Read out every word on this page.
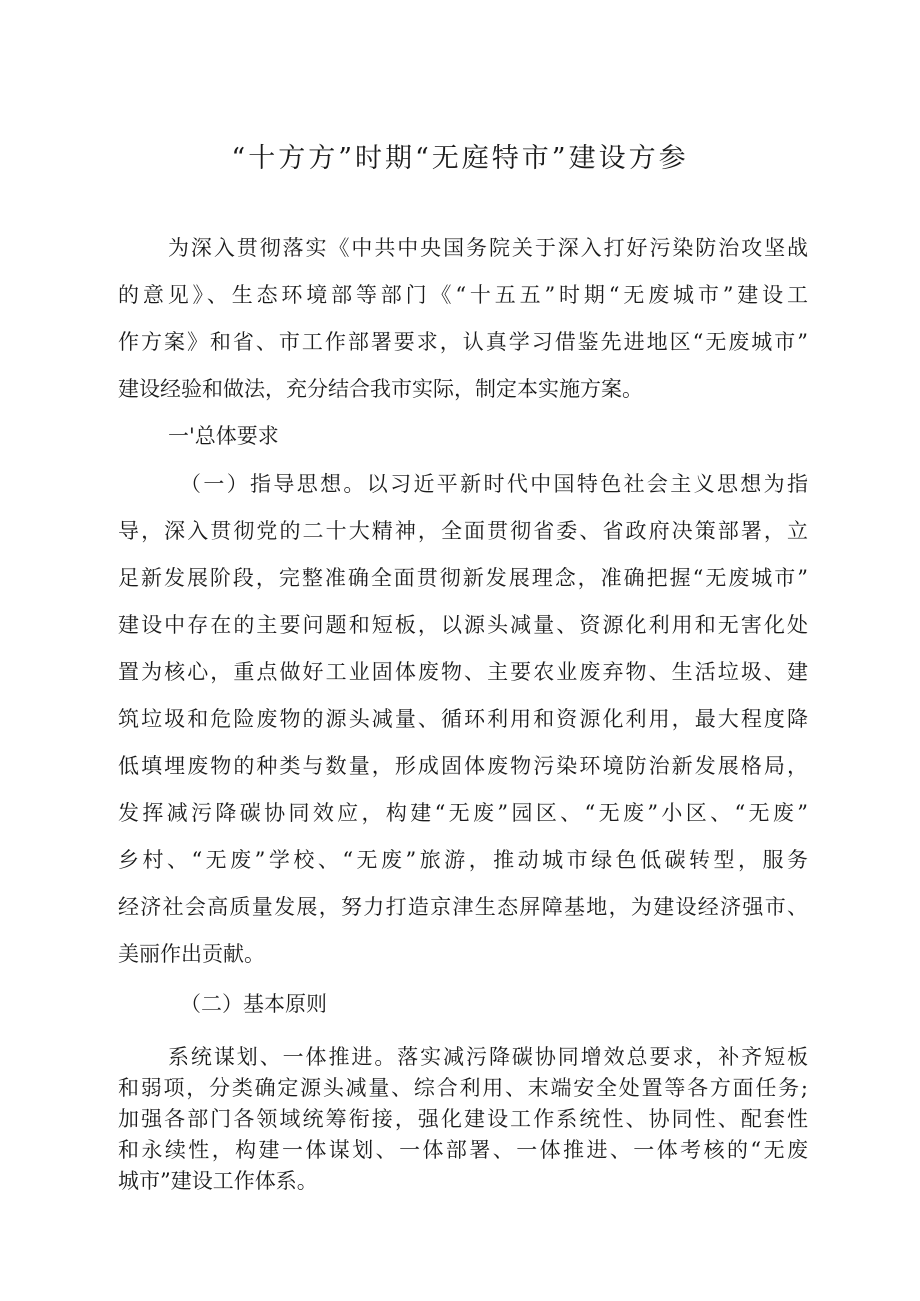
“十方方”时期“无庭特市”建设方参
为深入贯彻落实《中共中央国务院关于深入打好污染防治攻坚战
的意见》、生态环境部等部门《“十五五”时期“无废城市”建设工
作方案》和省、市工作部署要求，认真学习借鉴先进地区“无废城市”
建设经验和做法，充分结合我市实际，制定本实施方案。
一'总体要求
（一）指导思想。以习近平新时代中国特色社会主义思想为指
导，深入贯彻党的二十大精神，全面贯彻省委、省政府决策部署，立
足新发展阶段，完整准确全面贯彻新发展理念，准确把握“无废城市”
建设中存在的主要问题和短板，以源头减量、资源化利用和无害化处
置为核心，重点做好工业固体废物、主要农业废弃物、生活垃圾、建
筑垃圾和危险废物的源头减量、循环利用和资源化利用，最大程度降
低填埋废物的种类与数量，形成固体废物污染环境防治新发展格局，
发挥减污降碳协同效应，构建“无废”园区、“无废”小区、“无废”
乡村、“无废”学校、“无废”旅游，推动城市绿色低碳转型，服务
经济社会高质量发展，努力打造京津生态屏障基地，为建设经济强市、
美丽作出贡献。
（二）基本原则
系统谋划、一体推进。落实减污降碳协同增效总要求，补齐短板
和弱项，分类确定源头减量、综合利用、末端安全处置等各方面任务;
加强各部门各领域统筹衔接，强化建设工作系统性、协同性、配套性
和永续性，构建一体谋划、一体部署、一体推进、一体考核的“无废
城市”建设工作体系。
